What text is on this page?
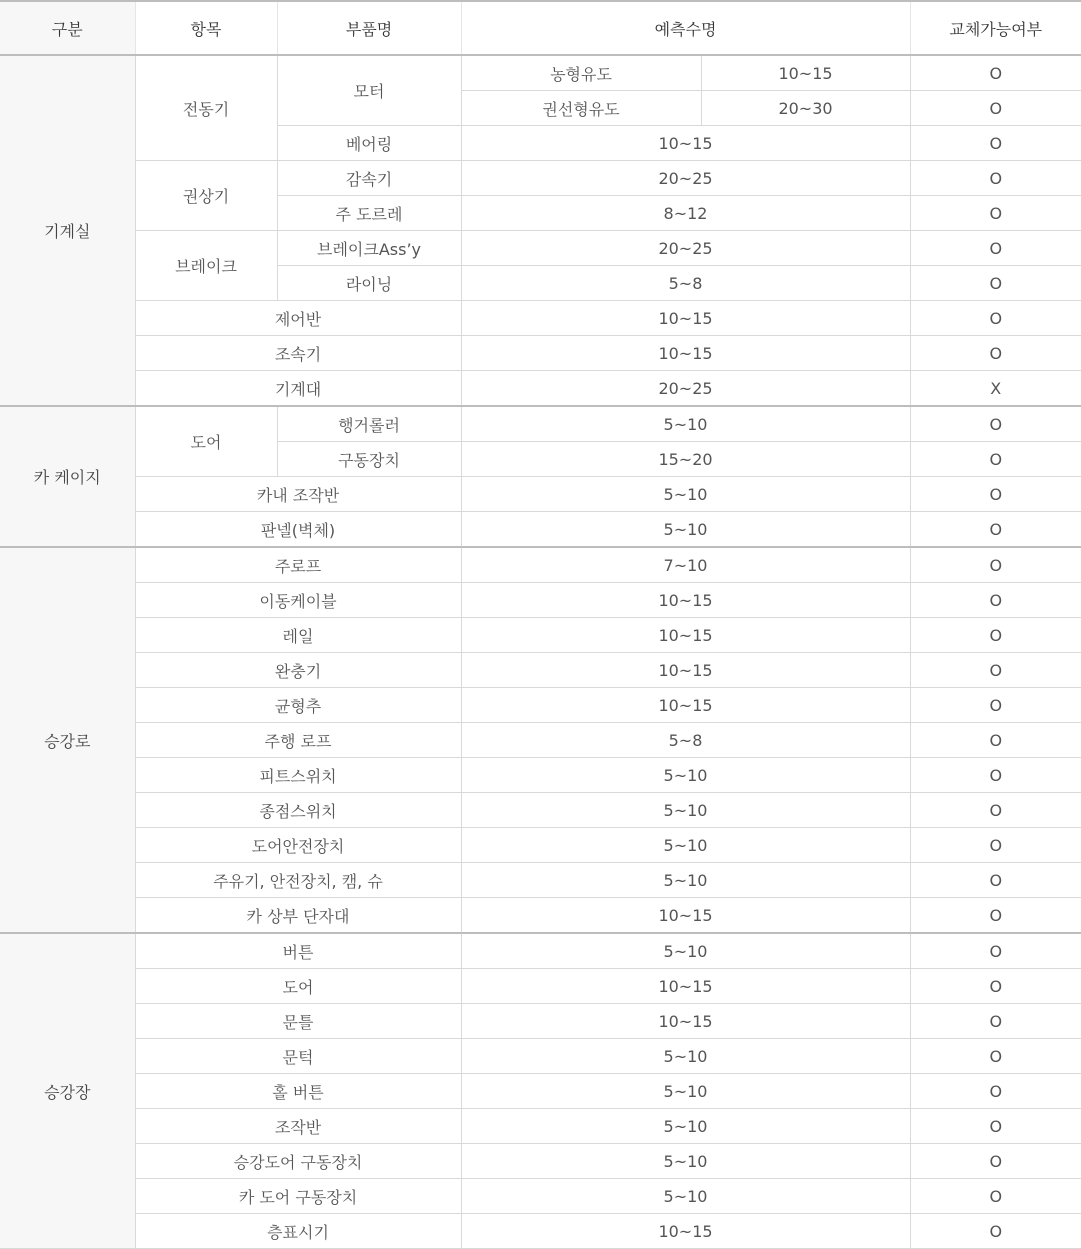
구분	항목	부품명	예측수명		교체가능여부
기계실	전동기	모터	농형유도	10~15	O
			권선형유도	20~30	O
		베어링	10~15		O
	권상기	감속기	20~25		O
		주 도르레	8~12		O
	브레이크	브레이크Ass’y	20~25		O
		라이닝	5~8		O
	제어반		10~15		O
	조속기		10~15		O
	기계대		20~25		X
카 케이지	도어	행거롤러	5~10		O
		구동장치	15~20		O
	카내 조작반		5~10		O
	판넬(벽체)		5~10		O
승강로	주로프		7~10		O
	이동케이블		10~15		O
	레일		10~15		O
	완충기		10~15		O
	균형추		10~15		O
	주행 로프		5~8		O
	피트스위치		5~10		O
	종점스위치		5~10		O
	도어안전장치		5~10		O
	주유기, 안전장치, 캠, 슈		5~10		O
	카 상부 단자대		10~15		O
승강장	버튼		5~10		O
	도어		10~15		O
	문틀		10~15		O
	문턱		5~10		O
	홀 버튼		5~10		O
	조작반		5~10		O
	승강도어 구동장치		5~10		O
	카 도어 구동장치		5~10		O
	층표시기		10~15		O
